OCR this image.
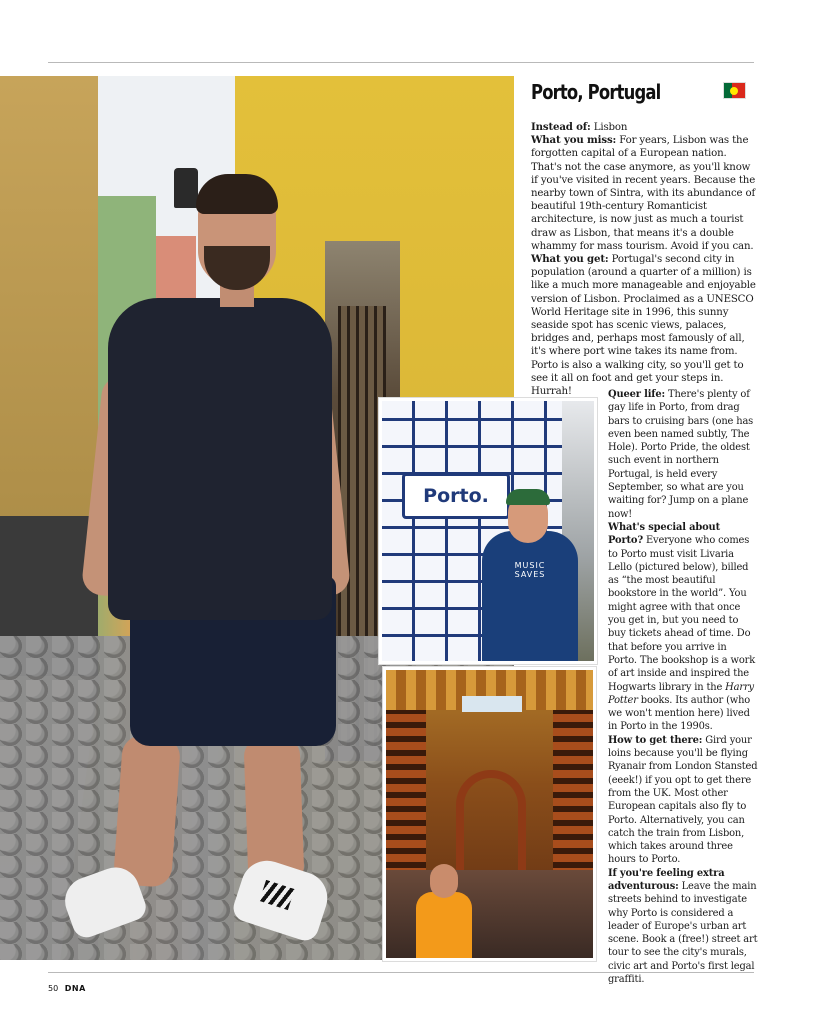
Porto, Portugal

Instead of: Lisbon

What you miss: For years, Lisbon was the forgotten capital of a European nation. That's not the case anymore, as you'll know if you've visited in recent years. Because the nearby town of Sintra, with its abundance of beautiful 19th-century Romanticist architecture, is now just as much a tourist draw as Lisbon, that means it's a double whammy for mass tourism. Avoid if you can.

What you get: Portugal's second city in population (around a quarter of a million) is like a much more manageable and enjoyable version of Lisbon. Proclaimed as a UNESCO World Heritage site in 1996, this sunny seaside spot has scenic views, palaces, bridges and, perhaps most famously of all, it's where port wine takes its name from. Porto is also a walking city, so you'll get to see it all on foot and get your steps in. Hurrah!	Queer life: There's plenty of gay life in Porto, from drag bars to cruising bars (one has even been named subtly, The Hole). Porto Pride, the oldest such event in northern Portugal, is held every September, so what are you waiting for? Jump on a plane now!

What's special about Porto? Everyone who comes to Porto must visit Livaria Lello (pictured below), billed as “the most beautiful bookstore in the world”. You might agree with that once you get in, but you need to buy tickets ahead of time. Do that before you arrive in Porto. The bookshop is a work of art inside and inspired the Hogwarts library in the Harry Potter books. Its author (who we won't mention here) lived in Porto in the 1990s.

How to get there: Gird your loins because you'll be flying Ryanair from London Stansted (eeek!) if you opt to get there from the UK. Most other European capitals also fly to Porto. Alternatively, you can catch the train from Lisbon, which takes around three hours to Porto.

If you're feeling extra adventurous: Leave the main streets behind to investigate why Porto is considered a leader of Europe's urban art scene. Book a (free!) street art tour to see the city's murals, civic art and Porto's first legal graffiti.

Porto.
MUSIC SAVES
50 DNA
